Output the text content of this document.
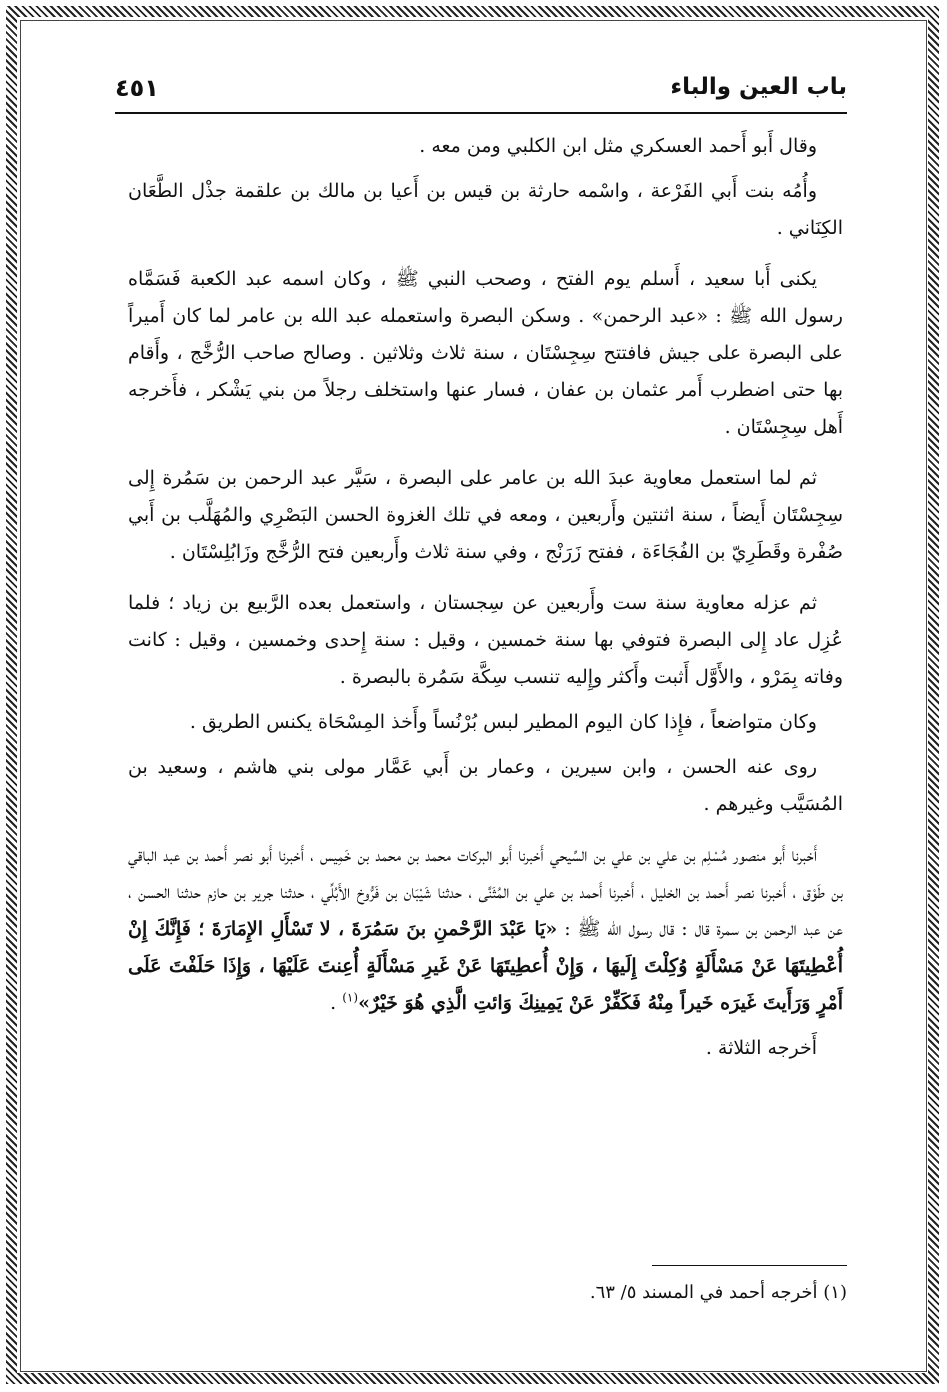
باب العين والباء
٤٥١

وقال أَبو أَحمد العسكري مثل ابن الكلبي ومن معه .

وأُمُه بنت أَبي الفَرْعة ، واسْمه حارثة بن قيس بن أَعيا بن مالك بن علقمة جذْل الطَّعَان الكِنَاني .

يكنى أَبا سعيد ، أَسلم يوم الفتح ، وصحب النبي ﷺ ، وكان اسمه عبد الكعبة فَسَمَّاه رسول الله ﷺ : «عبد الرحمن» . وسكن البصرة واستعمله عبد الله بن عامر لما كان أَميراً على البصرة على جيش فافتتح سِجِسْتَان ، سنة ثلاث وثلاثين . وصالح صاحب الرُّخَّج ، وأَقام بها حتى اضطرب أَمر عثمان بن عفان ، فسار عنها واستخلف رجلاً من بني يَشْكر ، فأَخرجه أَهل سِجِسْتَان .

ثم لما استعمل معاوية عبدَ الله بن عامر على البصرة ، سَيَّر عبد الرحمن بن سَمُرة إِلى سِجِسْتَان أَيضاً ، سنة اثنتين وأَربعين ، ومعه في تلك الغزوة الحسن البَصْرِي والمُهَلَّب بن أَبي صُفْرة وقَطَرِيّ بن الفُجَاءَة ، ففتح زَرَنْج ، وفي سنة ثلاث وأَربعين فتح الرُّخَّج وزَابُلِسْتَان .

ثم عزله معاوية سنة ست وأَربعين عن سِجستان ، واستعمل بعده الرَّبيع بن زياد ؛ فلما عُزِل عاد إِلى البصرة فتوفي بها سنة خمسين ، وقيل : سنة إِحدى وخمسين ، وقيل : كانت وفاته بِمَرْو ، والأَوَّل أَثبت وأَكثر وإِليه تنسب سِكَّة سَمُرة بالبصرة .

وكان متواضعاً ، فإِذا كان اليوم المطير لبس بُرْنُساً وأَخذ المِسْحَاة يكنس الطريق .

روى عنه الحسن ، وابن سيرين ، وعمار بن أَبي عَمَّار مولى بني هاشم ، وسعيد بن المُسَيَّب وغيرهم .

أَخبرنا أَبو منصور مُسْلِم بن علي بن علي بن السِّيحي أَخبرنا أَبو البركات محمد بن محمد بن خَمِيس ، أَخبرنا أَبو نصر أَحمد بن عبد الباقي بن طَوْق ، أَخبرنا نصر أَحمد بن الخليل ، أَخبرنا أَحمد بن علي بن المُثَنَّى ، حدثنا شَيْبَان بن فَرُّوخ الأَبُلِّي ، حدثنا جرير بن حازم حدثنا الحسن ، عن عبد الرحمن بن سمرة قال : قال رسول الله ﷺ : «يَا عَبْدَ الرَّحْمنِ بنَ سَمُرَةَ ، لا تَسْأَلِ الإِمَارَةَ ؛ فَإِنَّكَ إِنْ أُعْطِيتَهَا عَنْ مَسْأَلَةٍ وُكِلْتَ إِلَيهَا ، وَإِنْ أُعطِيتَهَا عَنْ غَيرِ مَسْأَلَةٍ أُعِنتَ عَلَيْهَا ، وَإِذَا حَلَفْتَ عَلَى أَمْرٍ وَرَأَيتَ غَيرَه خَيراً مِنْهُ فَكَفِّرْ عَنْ يَمِينِكَ وَائتِ الَّذِي هُوَ خَيْرٌ»$^{(١)}$ .

أَخرجه الثلاثة .

(١) أخرجه أحمد في المسند ٥/ ٦٣.
